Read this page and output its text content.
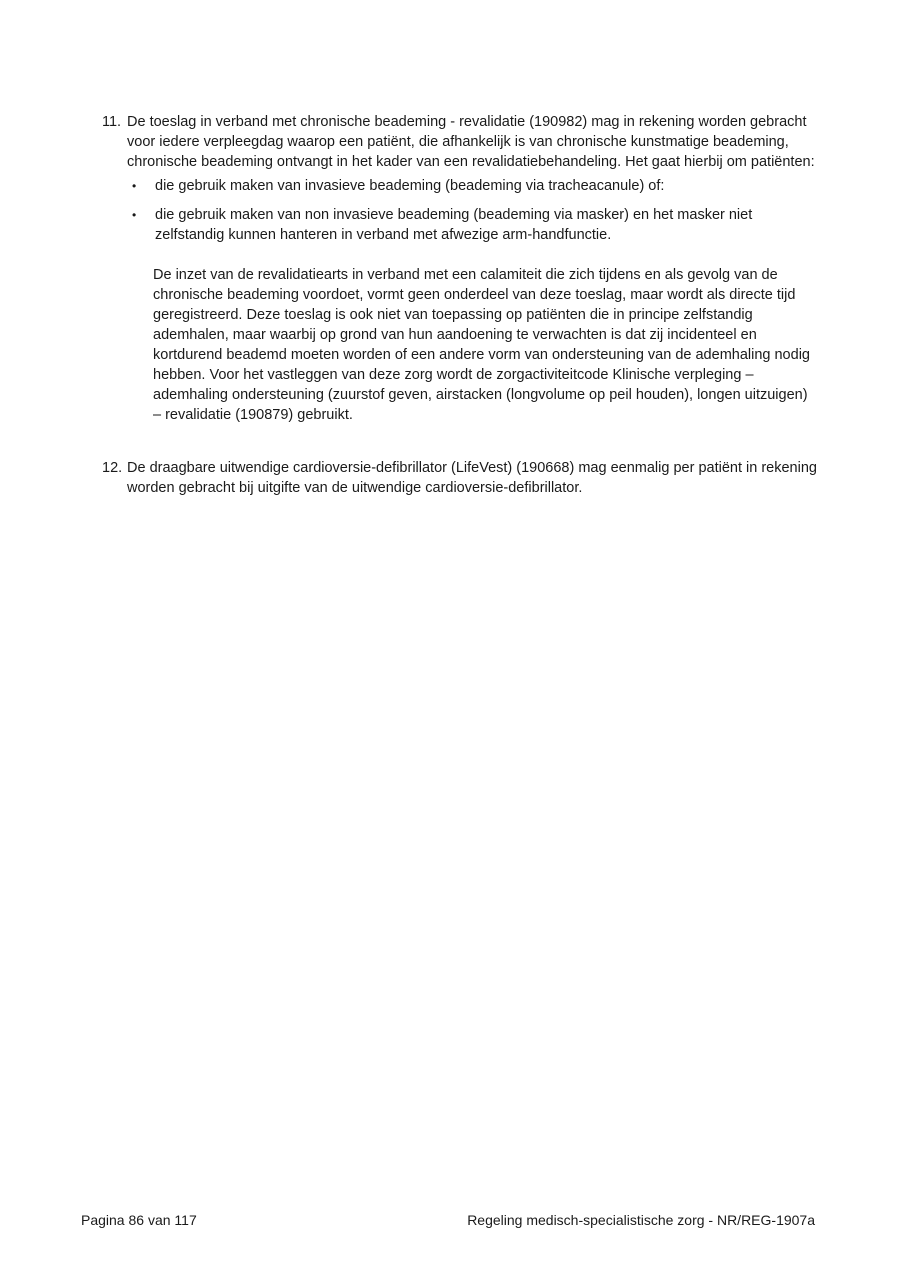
11. De toeslag in verband met chronische beademing - revalidatie (190982) mag in rekening worden gebracht voor iedere verpleegdag waarop een patiënt, die afhankelijk is van chronische kunstmatige beademing, chronische beademing ontvangt in het kader van een revalidatiebehandeling. Het gaat hierbij om patiënten:

• die gebruik maken van invasieve beademing (beademing via tracheacanule) of:
• die gebruik maken van non invasieve beademing (beademing via masker) en het masker niet zelfstandig kunnen hanteren in verband met afwezige arm-handfunctie.

De inzet van de revalidatiearts in verband met een calamiteit die zich tijdens en als gevolg van de chronische beademing voordoet, vormt geen onderdeel van deze toeslag, maar wordt als directe tijd geregistreerd. Deze toeslag is ook niet van toepassing op patiënten die in principe zelfstandig ademhalen, maar waarbij op grond van hun aandoening te verwachten is dat zij incidenteel en kortdurend beademd moeten worden of een andere vorm van ondersteuning van de ademhaling nodig hebben. Voor het vastleggen van deze zorg wordt de zorgactiviteitcode Klinische verpleging – ademhaling ondersteuning (zuurstof geven, airstacken (longvolume op peil houden), longen uitzuigen) – revalidatie (190879) gebruikt.

12. De draagbare uitwendige cardioversie-defibrillator (LifeVest) (190668) mag eenmalig per patiënt in rekening worden gebracht bij uitgifte van de uitwendige cardioversie-defibrillator.

Pagina 86 van 117	Regeling medisch-specialistische zorg - NR/REG-1907a
